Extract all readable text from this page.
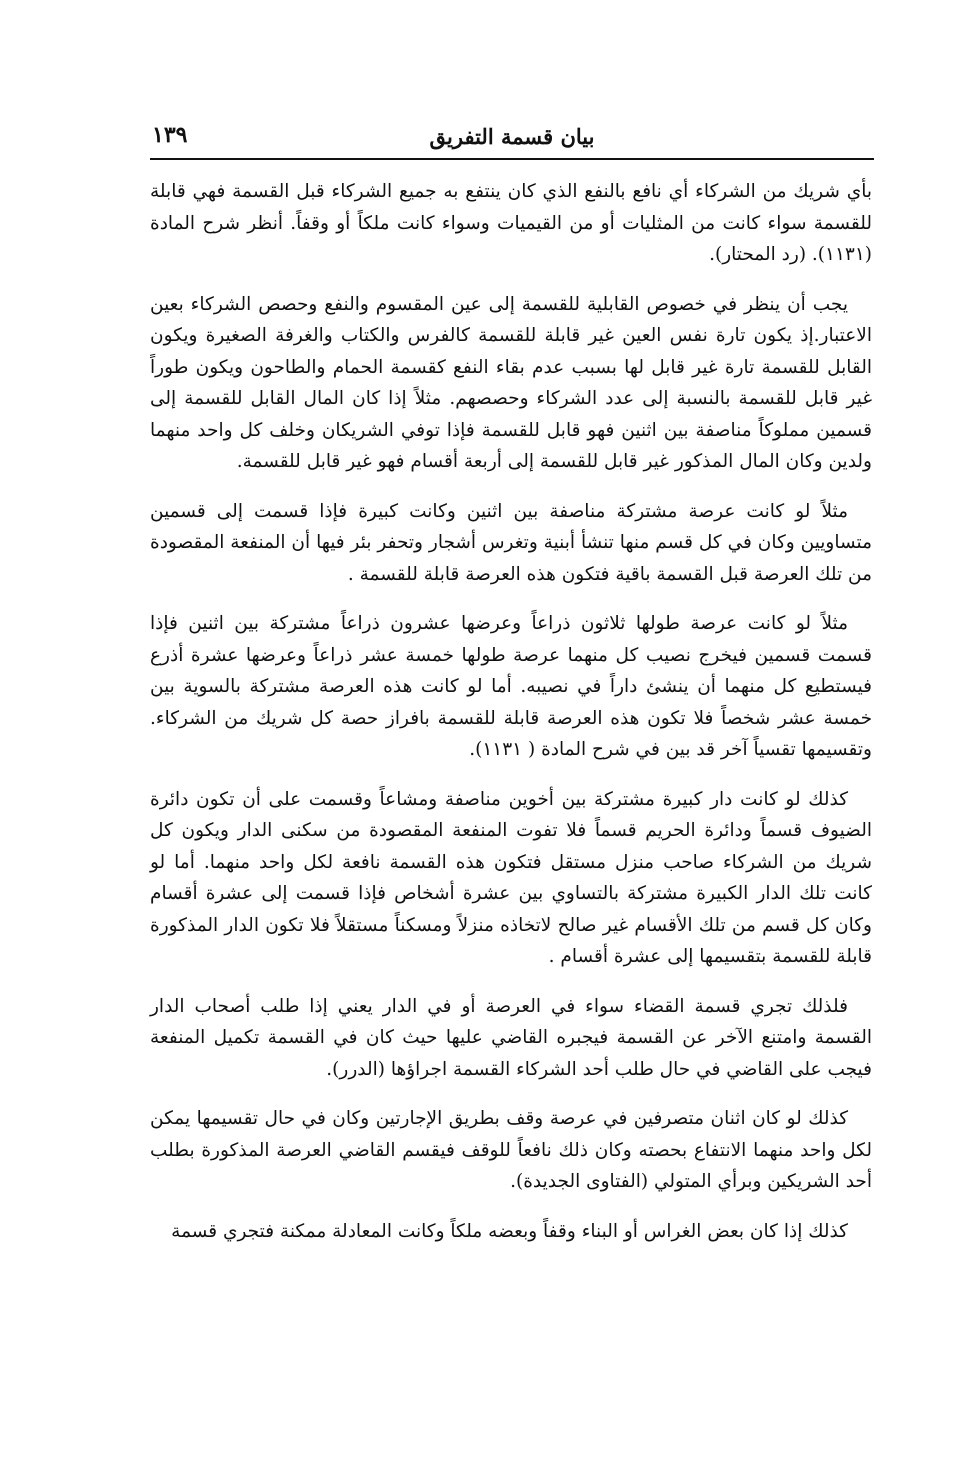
بيان قسمة التفريق
١٣٩

بأي شريك من الشركاء أي نافع بالنفع الذي كان ينتفع به جميع الشركاء قبل القسمة فهي قابلة للقسمة سواء كانت من المثليات أو من القيميات وسواء كانت ملكاً أو وقفاً. أنظر شرح المادة (١١٣١). (رد المحتار).

يجب أن ينظر في خصوص القابلية للقسمة إلى عين المقسوم والنفع وحصص الشركاء بعين الاعتبار.إذ يكون تارة نفس العين غير قابلة للقسمة كالفرس والكتاب والغرفة الصغيرة ويكون القابل للقسمة تارة غير قابل لها بسبب عدم بقاء النفع كقسمة الحمام والطاحون ويكون طوراً غير قابل للقسمة بالنسبة إلى عدد الشركاء وحصصهم. مثلاً إذا كان المال القابل للقسمة إلى قسمين مملوكاً مناصفة بين اثنين فهو قابل للقسمة فإذا توفي الشريكان وخلف كل واحد منهما ولدين وكان المال المذكور غير قابل للقسمة إلى أربعة أقسام فهو غير قابل للقسمة.

مثلاً لو كانت عرصة مشتركة مناصفة بين اثنين وكانت كبيرة فإذا قسمت إلى قسمين متساويين وكان في كل قسم منها تنشأ أبنية وتغرس أشجار وتحفر بئر فيها أن المنفعة المقصودة من تلك العرصة قبل القسمة باقية فتكون هذه العرصة قابلة للقسمة .

مثلاً لو كانت عرصة طولها ثلاثون ذراعاً وعرضها عشرون ذراعاً مشتركة بين اثنين فإذا قسمت قسمين فيخرج نصيب كل منهما عرصة طولها خمسة عشر ذراعاً وعرضها عشرة أذرع فيستطيع كل منهما أن ينشئ داراً في نصيبه. أما لو كانت هذه العرصة مشتركة بالسوية بين خمسة عشر شخصاً فلا تكون هذه العرصة قابلة للقسمة بافراز حصة كل شريك من الشركاء. وتقسيمها تقسياً آخر قد بين في شرح المادة ( ١١٣١).

كذلك لو كانت دار كبيرة مشتركة بين أخوين مناصفة ومشاعاً وقسمت على أن تكون دائرة الضيوف قسماً ودائرة الحريم قسماً فلا تفوت المنفعة المقصودة من سكنى الدار ويكون كل شريك من الشركاء صاحب منزل مستقل فتكون هذه القسمة نافعة لكل واحد منهما. أما لو كانت تلك الدار الكبيرة مشتركة بالتساوي بين عشرة أشخاص فإذا قسمت إلى عشرة أقسام وكان كل قسم من تلك الأقسام غير صالح لاتخاذه منزلاً ومسكناً مستقلاً فلا تكون الدار المذكورة قابلة للقسمة بتقسيمها إلى عشرة أقسام .

فلذلك تجري قسمة القضاء سواء في العرصة أو في الدار يعني إذا طلب أصحاب الدار القسمة وامتنع الآخر عن القسمة فيجبره القاضي عليها حيث كان في القسمة تكميل المنفعة فيجب على القاضي في حال طلب أحد الشركاء القسمة اجراؤها (الدرر).

كذلك لو كان اثنان متصرفين في عرصة وقف بطريق الإجارتين وكان في حال تقسيمها يمكن لكل واحد منهما الانتفاع بحصته وكان ذلك نافعاً للوقف فيقسم القاضي العرصة المذكورة بطلب أحد الشريكين وبرأي المتولي (الفتاوى الجديدة).

كذلك إذا كان بعض الغراس أو البناء وقفاً وبعضه ملكاً وكانت المعادلة ممكنة فتجري قسمة
